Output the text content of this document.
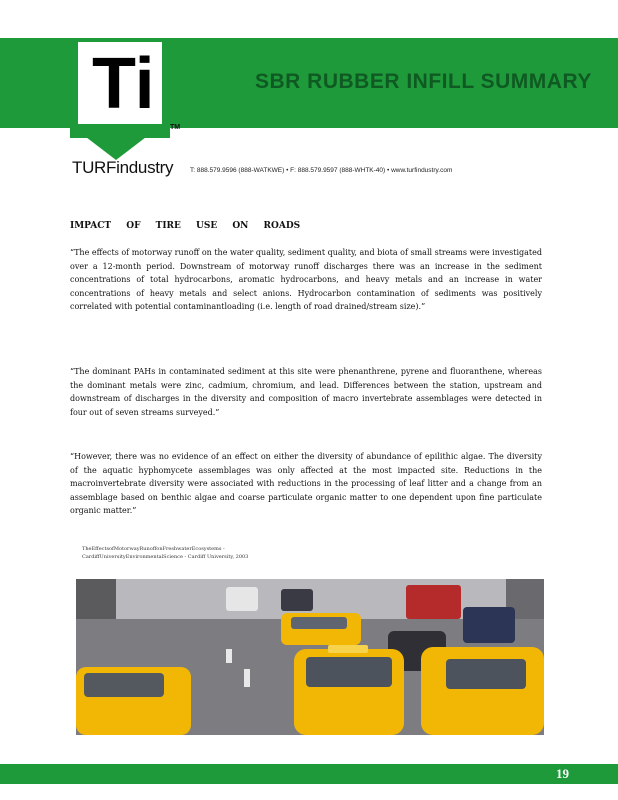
Ti
TM
TURFindustry
SBR RUBBER INFILL SUMMARY
T: 888.579.9596 (888-WATKWE) • F: 888.579.9597 (888-WHTK-40) • www.turfindustry.com
IMPACT OF TIRE USE ON ROADS
“The effects of motorway runoff on the water quality, sediment quality, and biota of small streams were investigated over a 12-month period. Downstream of motorway runoff discharges there was an increase in the sediment concentrations of total hydrocarbons, aromatic hydrocarbons, and heavy metals and an increase in water concentrations of heavy metals and select anions. Hydrocarbon contamination of sediments was positively correlated with potential contaminantloading (i.e. length of road drained/stream size).”
“The dominant PAHs in contaminated sediment at this site were phenanthrene, pyrene and fluoranthene, whereas the dominant metals were zinc, cadmium, chromium, and lead. Differences between the station, upstream and downstream of discharges in the diversity and composition of macro invertebrate assemblages were detected in four out of seven streams surveyed.”
“However, there was no evidence of an effect on either the diversity of abundance of epilithic algae. The diversity of the aquatic hyphomycete assemblages was only affected at the most impacted site. Reductions in the macroinvertebrate diversity were associated with reductions in the processing of leaf litter and a change from an assemblage based on benthic algae and coarse particulate organic matter to one dependent upon fine particulate organic matter.”
TheEffectsofMotorwayRunoffonFreshwaterEcosystems - CardiffUniversityEnvironmentalScience - Cardiff University, 2003
19
